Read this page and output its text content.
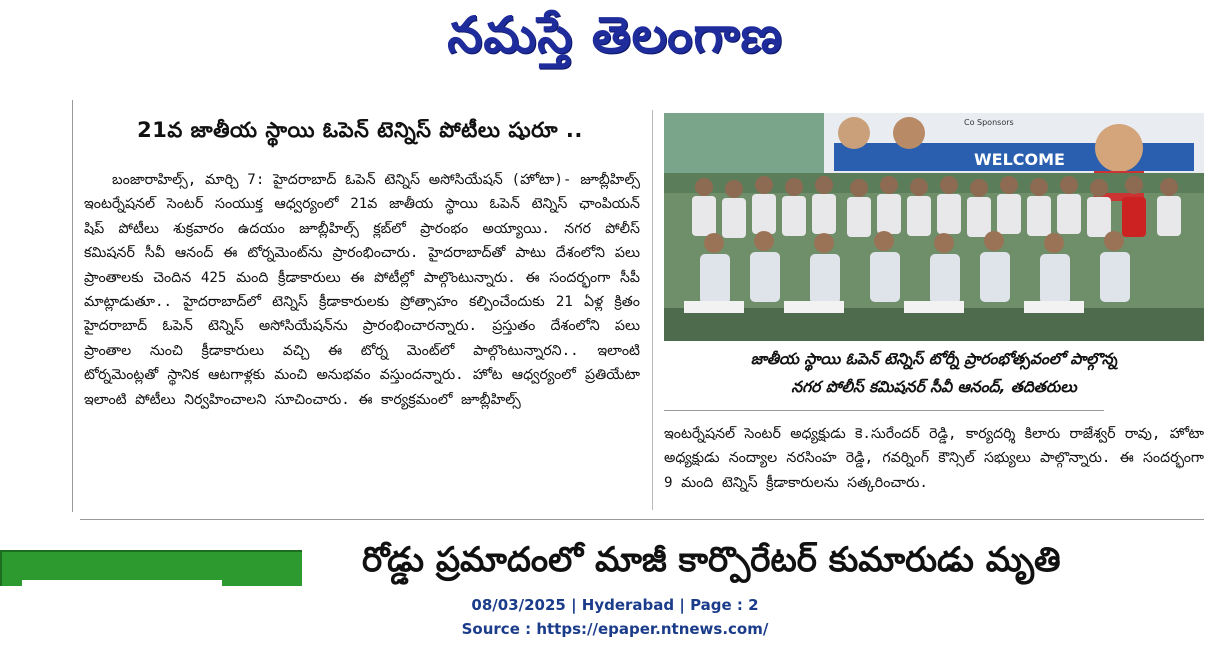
నమస్తే తెలంగాణ
21వ జాతీయ స్థాయి ఓపెన్ టెన్నిస్ పోటీలు షురూ ..

బంజారాహిల్స్, మార్చి 7: హైదరాబాద్ ఓపెన్ టెన్నిస్ అసోసియేషన్ (హోటా)- జూబ్లీహిల్స్ ఇంటర్నేషనల్ సెంటర్ సంయుక్త ఆధ్వర్యంలో 21వ జాతీయ స్థాయి ఓపెన్ టెన్నిస్ ఛాంపియన్ షిప్ పోటీలు శుక్రవారం ఉదయం జూబ్లీహిల్స్ క్లబ్‌లో ప్రారంభం అయ్యాయి. నగర పోలీస్ కమిషనర్ సీవీ ఆనంద్ ఈ టోర్నమెంట్‌ను ప్రారంభించారు. హైదరాబాద్‌తో పాటు దేశంలోని పలు ప్రాంతాలకు చెందిన 425 మంది క్రీడాకారులు ఈ పోటీల్లో పాల్గొంటున్నారు. ఈ సందర్భంగా సీపీ మాట్లాడుతూ.. హైదరాబాద్‌లో టెన్నిస్ క్రీడాకారులకు ప్రోత్సాహం కల్పించేందుకు 21 ఏళ్ల క్రితం హైదరాబాద్ ఓపెన్ టెన్నిస్ అసోసియేషన్‌ను ప్రారంభించారన్నారు. ప్రస్తుతం దేశంలోని పలు ప్రాంతాల నుంచి క్రీడాకారులు వచ్చి ఈ టోర్న మెంట్‌లో పాల్గొంటున్నారని.. ఇలాంటి టోర్నమెంట్లతో స్థానిక ఆటగాళ్లకు మంచి అనుభవం వస్తుందన్నారు. హోట ఆధ్వర్యంలో ప్రతియేటా ఇలాంటి పోటీలు నిర్వహించాలని సూచించారు. ఈ కార్యక్రమంలో జూబ్లీహిల్స్

WELCOME
Co Sponsors
జాతీయ స్థాయి ఓపెన్ టెన్నిస్ టోర్నీ ప్రారంభోత్సవంలో పాల్గొన్న
నగర పోలీస్ కమిషనర్ సీవీ ఆనంద్, తదితరులు

ఇంటర్నేషనల్ సెంటర్ అధ్యక్షుడు కె.సురేందర్ రెడ్డి, కార్యదర్శి కిలారు రాజేశ్వర్ రావు, హోటా అధ్యక్షుడు నంద్యాల నరసింహ రెడ్డి, గవర్నింగ్ కౌన్సిల్ సభ్యులు పాల్గొన్నారు. ఈ సందర్భంగా 9 మంది టెన్నిస్ క్రీడాకారులను సత్కరించారు.

రోడ్డు ప్రమాదంలో మాజీ కార్పొరేటర్ కుమారుడు మృతి
08/03/2025 | Hyderabad | Page : 2
Source : https://epaper.ntnews.com/
